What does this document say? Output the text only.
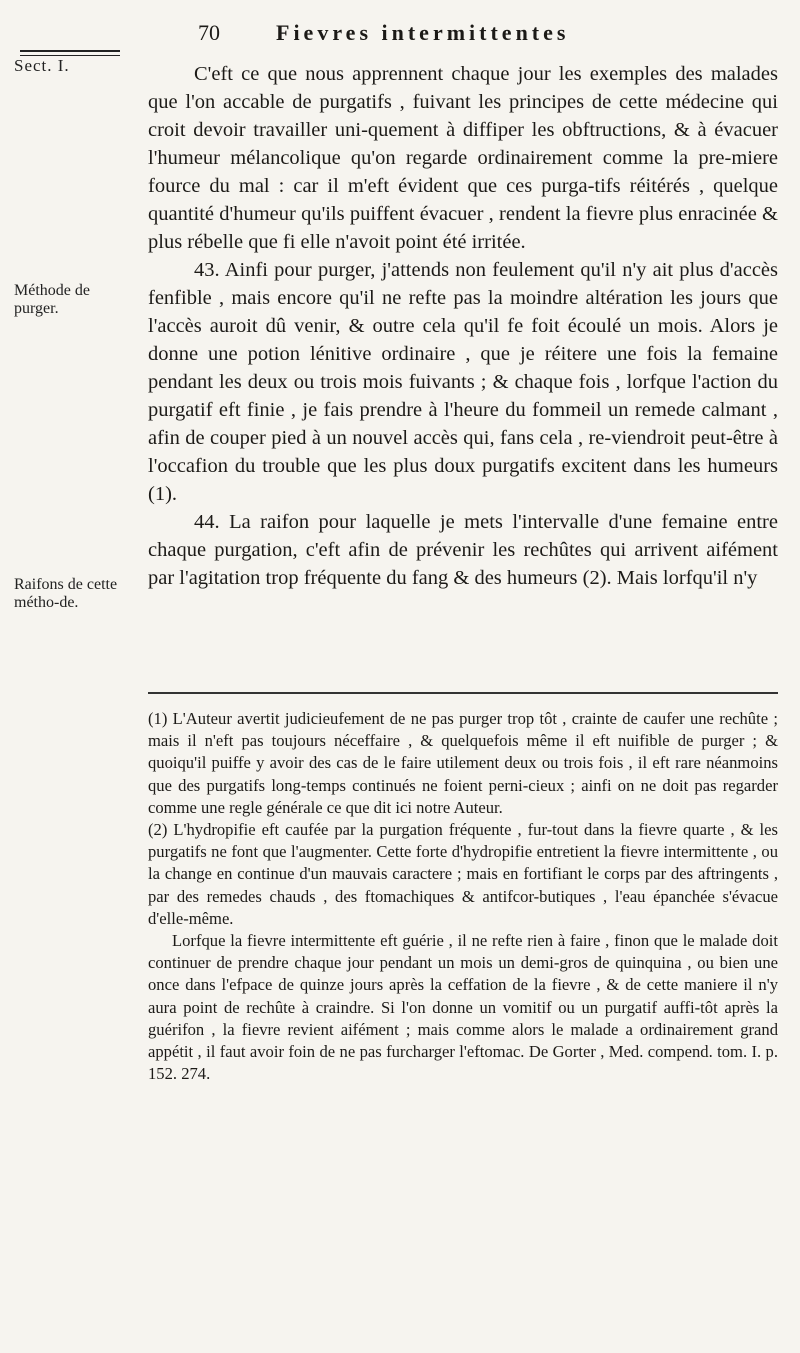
70	Fievres intermittentes
Sect. I.
Méthode de purger.
Raifons de cette métho-de.

C'eft ce que nous apprennent chaque jour les exemples des malades que l'on accable de purgatifs , fuivant les principes de cette médecine qui croit devoir travailler uni-quement à diffiper les obftructions, & à évacuer l'humeur mélancolique qu'on regarde ordinairement comme la pre-miere fource du mal : car il m'eft évident que ces purga-tifs réitérés , quelque quantité d'humeur qu'ils puiffent évacuer , rendent la fievre plus enracinée & plus rébelle que fi elle n'avoit point été irritée.

43. Ainfi pour purger, j'attends non feulement qu'il n'y ait plus d'accès fenfible , mais encore qu'il ne refte pas la moindre altération les jours que l'accès auroit dû venir, & outre cela qu'il fe foit écoulé un mois. Alors je donne une potion lénitive ordinaire , que je réitere une fois la femaine pendant les deux ou trois mois fuivants ; & chaque fois , lorfque l'action du purgatif eft finie , je fais prendre à l'heure du fommeil un remede calmant , afin de couper pied à un nouvel accès qui, fans cela , re-viendroit peut-être à l'occafion du trouble que les plus doux purgatifs excitent dans les humeurs (1).

44. La raifon pour laquelle je mets l'intervalle d'une femaine entre chaque purgation, c'eft afin de prévenir les rechûtes qui arrivent aifément par l'agitation trop fréquente du fang & des humeurs (2). Mais lorfqu'il n'y

(1) L'Auteur avertit judicieufement de ne pas purger trop tôt , crainte de caufer une rechûte ; mais il n'eft pas toujours néceffaire , & quelquefois même il eft nuifible de purger ; & quoiqu'il puiffe y avoir des cas de le faire utilement deux ou trois fois , il eft rare néanmoins que des purgatifs long-temps continués ne foient perni-cieux ; ainfi on ne doit pas regarder comme une regle générale ce que dit ici notre Auteur.

(2) L'hydropifie eft caufée par la purgation fréquente , fur-tout dans la fievre quarte , & les purgatifs ne font que l'augmenter. Cette forte d'hydropifie entretient la fievre intermittente , ou la change en continue d'un mauvais caractere ; mais en fortifiant le corps par des aftringents , par des remedes chauds , des ftomachiques & antifcor-butiques , l'eau épanchée s'évacue d'elle-même.

Lorfque la fievre intermittente eft guérie , il ne refte rien à faire , finon que le malade doit continuer de prendre chaque jour pendant un mois un demi-gros de quinquina , ou bien une once dans l'efpace de quinze jours après la ceffation de la fievre , & de cette maniere il n'y aura point de rechûte à craindre. Si l'on donne un vomitif ou un purgatif auffi-tôt après la guérifon , la fievre revient aifément ; mais comme alors le malade a ordinairement grand appétit , il faut avoir foin de ne pas furcharger l'eftomac. De Gorter , Med. compend. tom. I. p. 152. 274.
